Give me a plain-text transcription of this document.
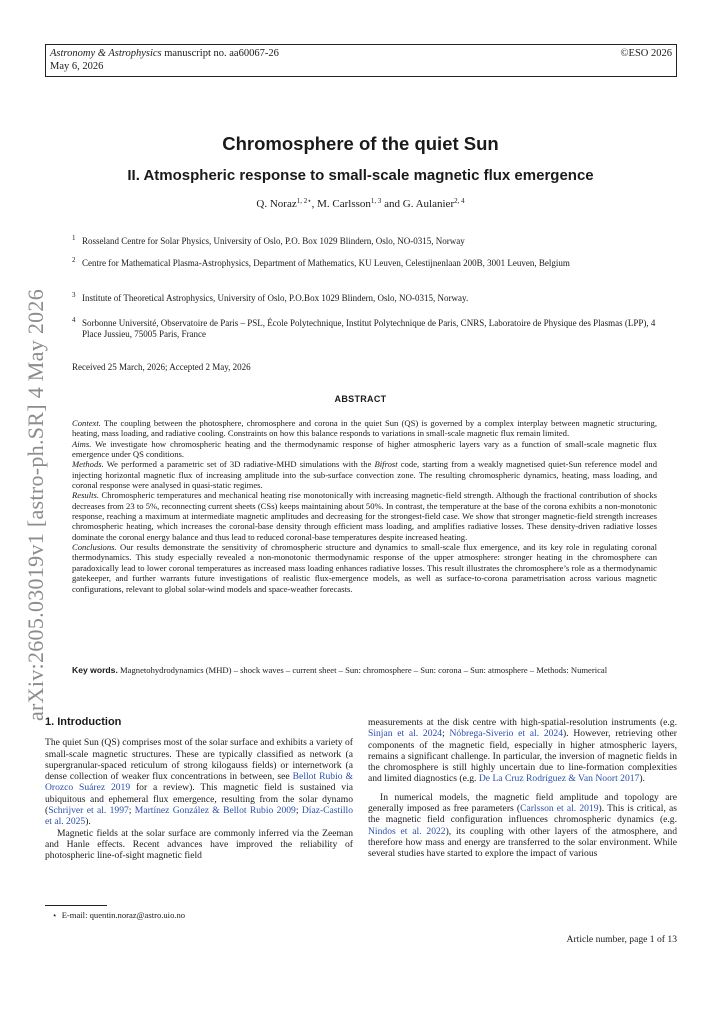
Astronomy & Astrophysics manuscript no. aa60067-26
May 6, 2026
©ESO 2026
arXiv:2605.03019v1 [astro-ph.SR] 4 May 2026
Chromosphere of the quiet Sun
II. Atmospheric response to small-scale magnetic flux emergence
Q. Noraz$^{1, 2⋆}$, M. Carlsson$^{1, 3}$ and G. Aulanier$^{2, 4}$
1 Rosseland Centre for Solar Physics, University of Oslo, P.O. Box 1029 Blindern, Oslo, NO-0315, Norway
2 Centre for Mathematical Plasma-Astrophysics, Department of Mathematics, KU Leuven, Celestijnenlaan 200B, 3001 Leuven, Belgium
3 Institute of Theoretical Astrophysics, University of Oslo, P.O.Box 1029 Blindern, Oslo, NO-0315, Norway.
4 Sorbonne Université, Observatoire de Paris – PSL, École Polytechnique, Institut Polytechnique de Paris, CNRS, Laboratoire de Physique des Plasmas (LPP), 4 Place Jussieu, 75005 Paris, France
Received 25 March, 2026; Accepted 2 May, 2026
ABSTRACT

Context. The coupling between the photosphere, chromosphere and corona in the quiet Sun (QS) is governed by a complex interplay between magnetic structuring, heating, mass loading, and radiative cooling. Constraints on how this balance responds to variations in small-scale magnetic flux remain limited.

Aims. We investigate how chromospheric heating and the thermodynamic response of higher atmospheric layers vary as a function of small-scale magnetic flux emergence under QS conditions.

Methods. We performed a parametric set of 3D radiative-MHD simulations with the Bifrost code, starting from a weakly magnetised quiet-Sun reference model and injecting horizontal magnetic flux of increasing amplitude into the sub-surface convection zone. The resulting chromospheric dynamics, heating, mass loading, and coronal response were analysed in quasi-static regimes.

Results. Chromospheric temperatures and mechanical heating rise monotonically with increasing magnetic-field strength. Although the fractional contribution of shocks decreases from 23 to 5%, reconnecting current sheets (CSs) keeps maintaining about 50%. In contrast, the temperature at the base of the corona exhibits a non-monotonic response, reaching a maximum at intermediate magnetic amplitudes and decreasing for the strongest-field case. We show that stronger magnetic-field strength increases chromospheric heating, which increases the coronal-base density through efficient mass loading, and amplifies radiative losses. These density-driven radiative losses dominate the coronal energy balance and thus lead to reduced coronal-base temperatures despite increased heating.

Conclusions. Our results demonstrate the sensitivity of chromospheric structure and dynamics to small-scale flux emergence, and its key role in regulating coronal thermodynamics. This study especially revealed a non-monotonic thermodynamic response of the upper atmosphere: stronger heating in the chromosphere can paradoxically lead to lower coronal temperatures as increased mass loading enhances radiative losses. This result illustrates the chromosphere’s role as a thermodynamic gatekeeper, and further warrants future investigations of realistic flux-emergence models, as well as surface-to-corona parametrisation across various magnetic configurations, relevant to global solar-wind models and space-weather forecasts.

Key words. Magnetohydrodynamics (MHD) – shock waves – current sheet – Sun: chromosphere – Sun: corona – Sun: atmosphere – Methods: Numerical
1. Introduction

The quiet Sun (QS) comprises most of the solar surface and exhibits a variety of small-scale magnetic structures. These are typically classified as network (a supergranular-spaced reticulum of strong kilogauss fields) or internetwork (a dense collection of weaker flux concentrations in between, see Bellot Rubio & Orozco Suárez 2019 for a review). This magnetic field is sustained via ubiquitous and ephemeral flux emergence, resulting from the solar dynamo (Schrijver et al. 1997; Martínez González & Bellot Rubio 2009; Díaz-Castillo et al. 2025).

Magnetic fields at the solar surface are commonly inferred via the Zeeman and Hanle effects. Recent advances have improved the reliability of photospheric line-of-sight magnetic field

measurements at the disk centre with high-spatial-resolution instruments (e.g. Sinjan et al. 2024; Nóbrega-Siverio et al. 2024). However, retrieving other components of the magnetic field, especially in higher atmospheric layers, remains a significant challenge. In particular, the inversion of magnetic fields in the chromosphere is still highly uncertain due to line-formation complexities and limited diagnostics (e.g. De La Cruz Rodríguez & Van Noort 2017).

In numerical models, the magnetic field amplitude and topology are generally imposed as free parameters (Carlsson et al. 2019). This is critical, as the magnetic field configuration influences chromospheric dynamics (e.g. Nindos et al. 2022), its coupling with other layers of the atmosphere, and therefore how mass and energy are transferred to the solar environment. While several studies have started to explore the impact of various

⋆ E-mail: quentin.noraz@astro.uio.no
Article number, page 1 of 13
